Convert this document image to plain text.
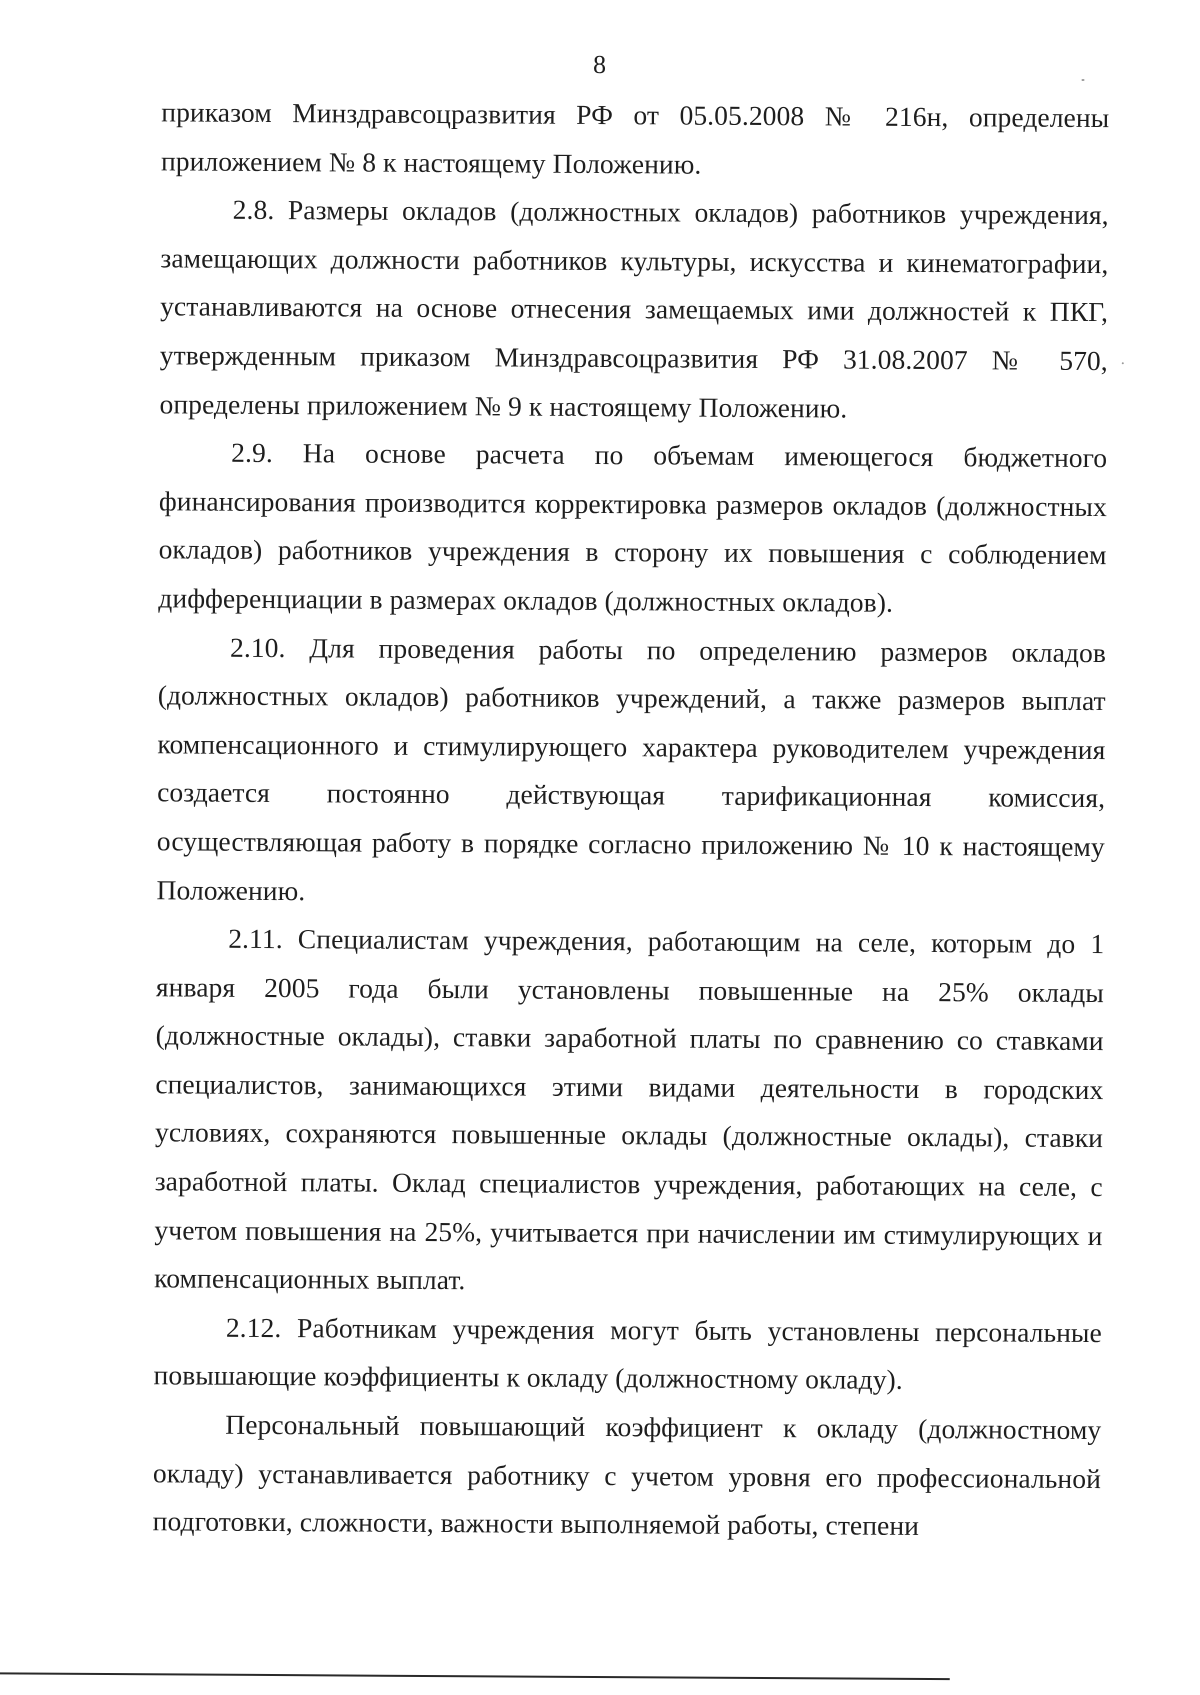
8

приказом Минздравсоцразвития РФ от 05.05.2008 № 216н, определены приложением № 8 к настоящему Положению.

2.8. Размеры окладов (должностных окладов) работников учреждения, замещающих должности работников культуры, искусства и кинематографии, устанавливаются на основе отнесения замещаемых ими должностей к ПКГ, утвержденным приказом Минздравсоцразвития РФ 31.08.2007 № 570, определены приложением № 9 к настоящему Положению.

2.9. На основе расчета по объемам имеющегося бюджетного финансирования производится корректировка размеров окладов (должностных окладов) работников учреждения в сторону их повышения с соблюдением дифференциации в размерах окладов (должностных окладов).

2.10. Для проведения работы по определению размеров окладов (должностных окладов) работников учреждений, а также размеров выплат компенсационного и стимулирующего характера руководителем учреждения создается постоянно действующая тарификационная комиссия, осуществляющая работу в порядке согласно приложению № 10 к настоящему Положению.

2.11. Специалистам учреждения, работающим на селе, которым до 1 января 2005 года были установлены повышенные на 25% оклады (должностные оклады), ставки заработной платы по сравнению со ставками специалистов, занимающихся этими видами деятельности в городских условиях, сохраняются повышенные оклады (должностные оклады), ставки заработной платы. Оклад специалистов учреждения, работающих на селе, с учетом повышения на 25%, учитывается при начислении им стимулирующих и компенсационных выплат.

2.12. Работникам учреждения могут быть установлены персональные повышающие коэффициенты к окладу (должностному окладу).

Персональный повышающий коэффициент к окладу (должностному окладу) устанавливается работнику с учетом уровня его профессиональной подготовки, сложности, важности выполняемой работы, степени
